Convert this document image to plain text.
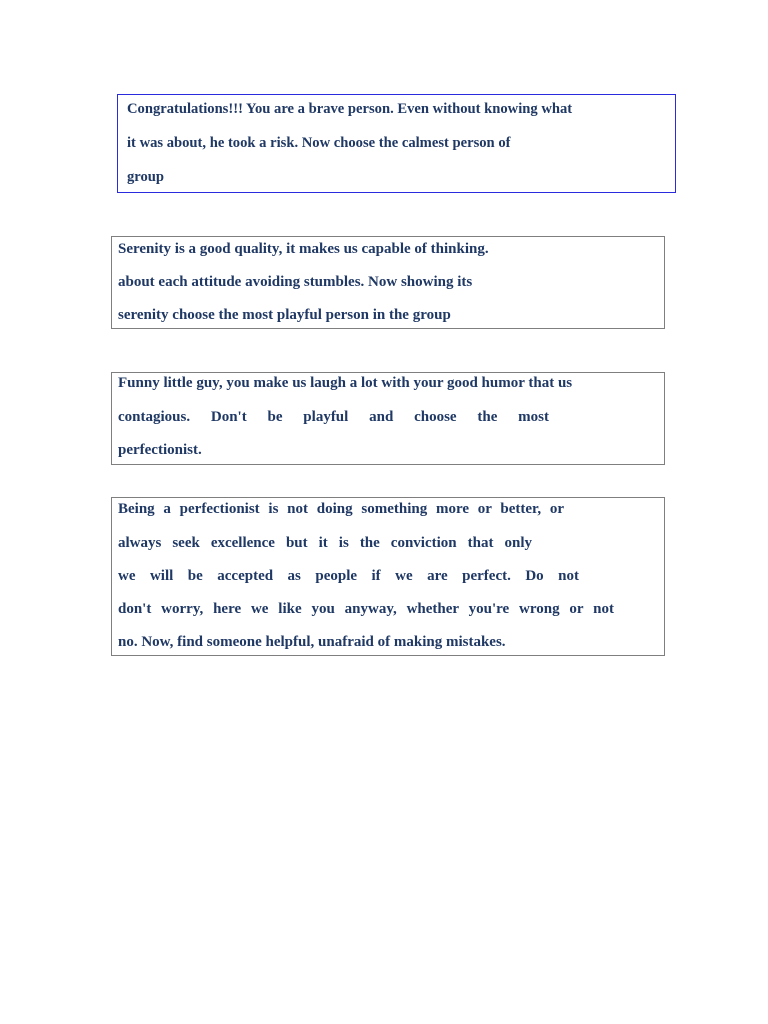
Congratulations!!! You are a brave person. Even without knowing what
it was about, he took a risk. Now choose the calmest person of
group
Serenity is a good quality, it makes us capable of thinking.
about each attitude avoiding stumbles. Now showing its
serenity choose the most playful person in the group
Funny little guy, you make us laugh a lot with your good humor that us
contagious. Don't be playful and choose the most
perfectionist.
Being a perfectionist is not doing something more or better, or
always seek excellence but it is the conviction that only
we will be accepted as people if we are perfect. Do not
don't worry, here we like you anyway, whether you're wrong or not
no. Now, find someone helpful, unafraid of making mistakes.
